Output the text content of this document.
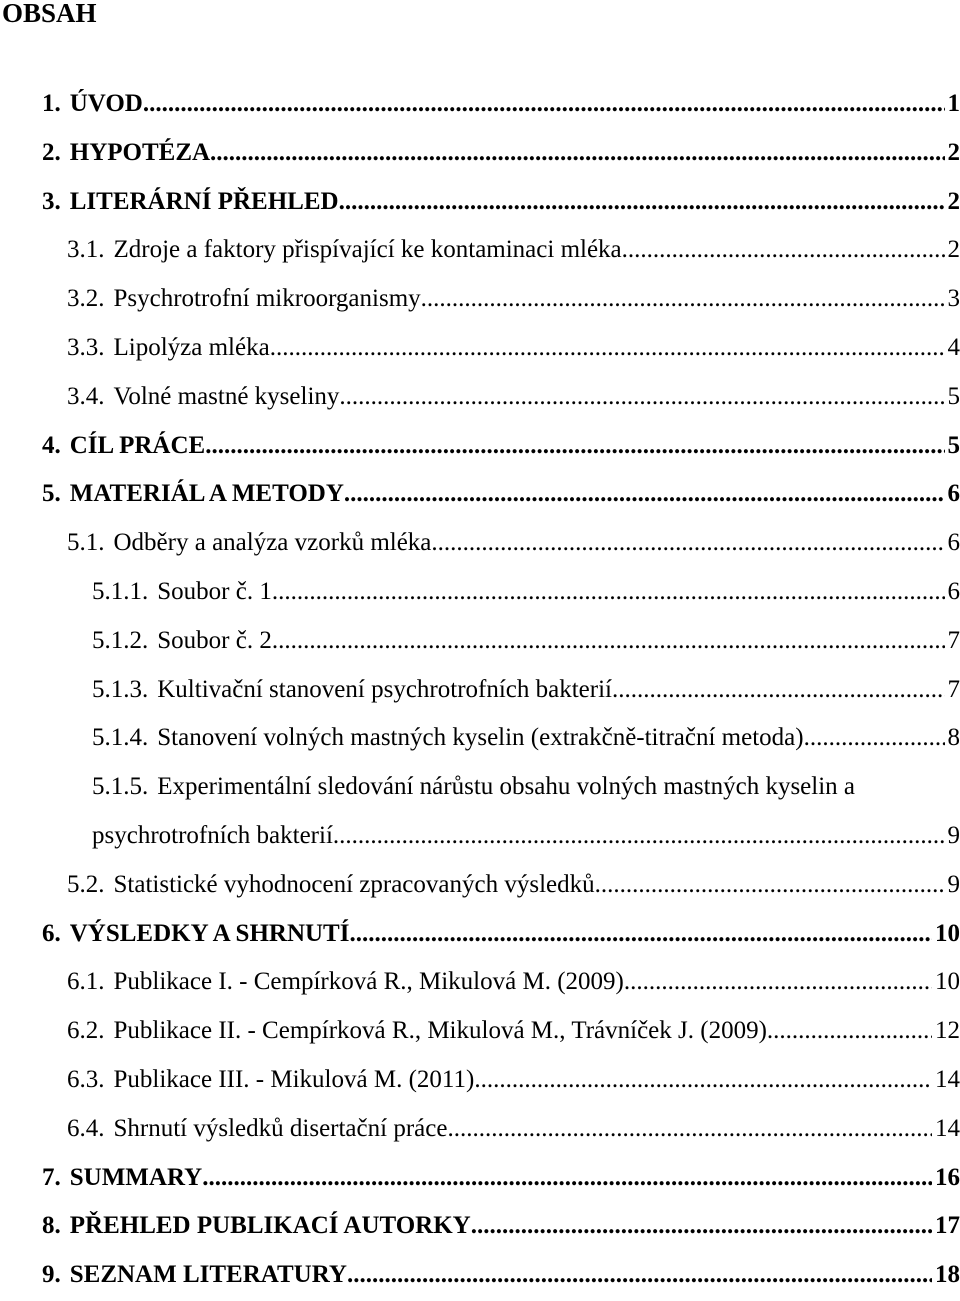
OBSAH
1. ÚVOD .....	1
2. HYPOTÉZA .....	2
3. LITERÁRNÍ PŘEHLED .....	2
3.1. Zdroje a faktory přispívající ke kontaminaci mléka .....	2
3.2. Psychrotrofní mikroorganismy .....	3
3.3. Lipolýza mléka .....	4
3.4. Volné mastné kyseliny .....	5
4. CÍL PRÁCE .....	5
5. MATERIÁL A METODY .....	6
5.1. Odběry a analýza vzorků mléka .....	6
5.1.1. Soubor č. 1 .....	6
5.1.2. Soubor č. 2 .....	7
5.1.3. Kultivační stanovení psychrotrofních bakterií .....	7
5.1.4. Stanovení volných mastných kyselin (extrakčně-titrační metoda) .....	8
5.1.5. Experimentální sledování nárůstu obsahu volných mastných kyselin a
psychrotrofních bakterií .....	9
5.2. Statistické vyhodnocení zpracovaných výsledků .....	9
6. VÝSLEDKY A SHRNUTÍ .....	10
6.1. Publikace I. - Cempírková R., Mikulová M. (2009) .....	10
6.2. Publikace II. - Cempírková R., Mikulová M., Trávníček J. (2009) .....	12
6.3. Publikace III. - Mikulová M. (2011) .....	14
6.4. Shrnutí výsledků disertační práce .....	14
7. SUMMARY .....	16
8. PŘEHLED PUBLIKACÍ AUTORKY .....	17
9. SEZNAM LITERATURY .....	18
